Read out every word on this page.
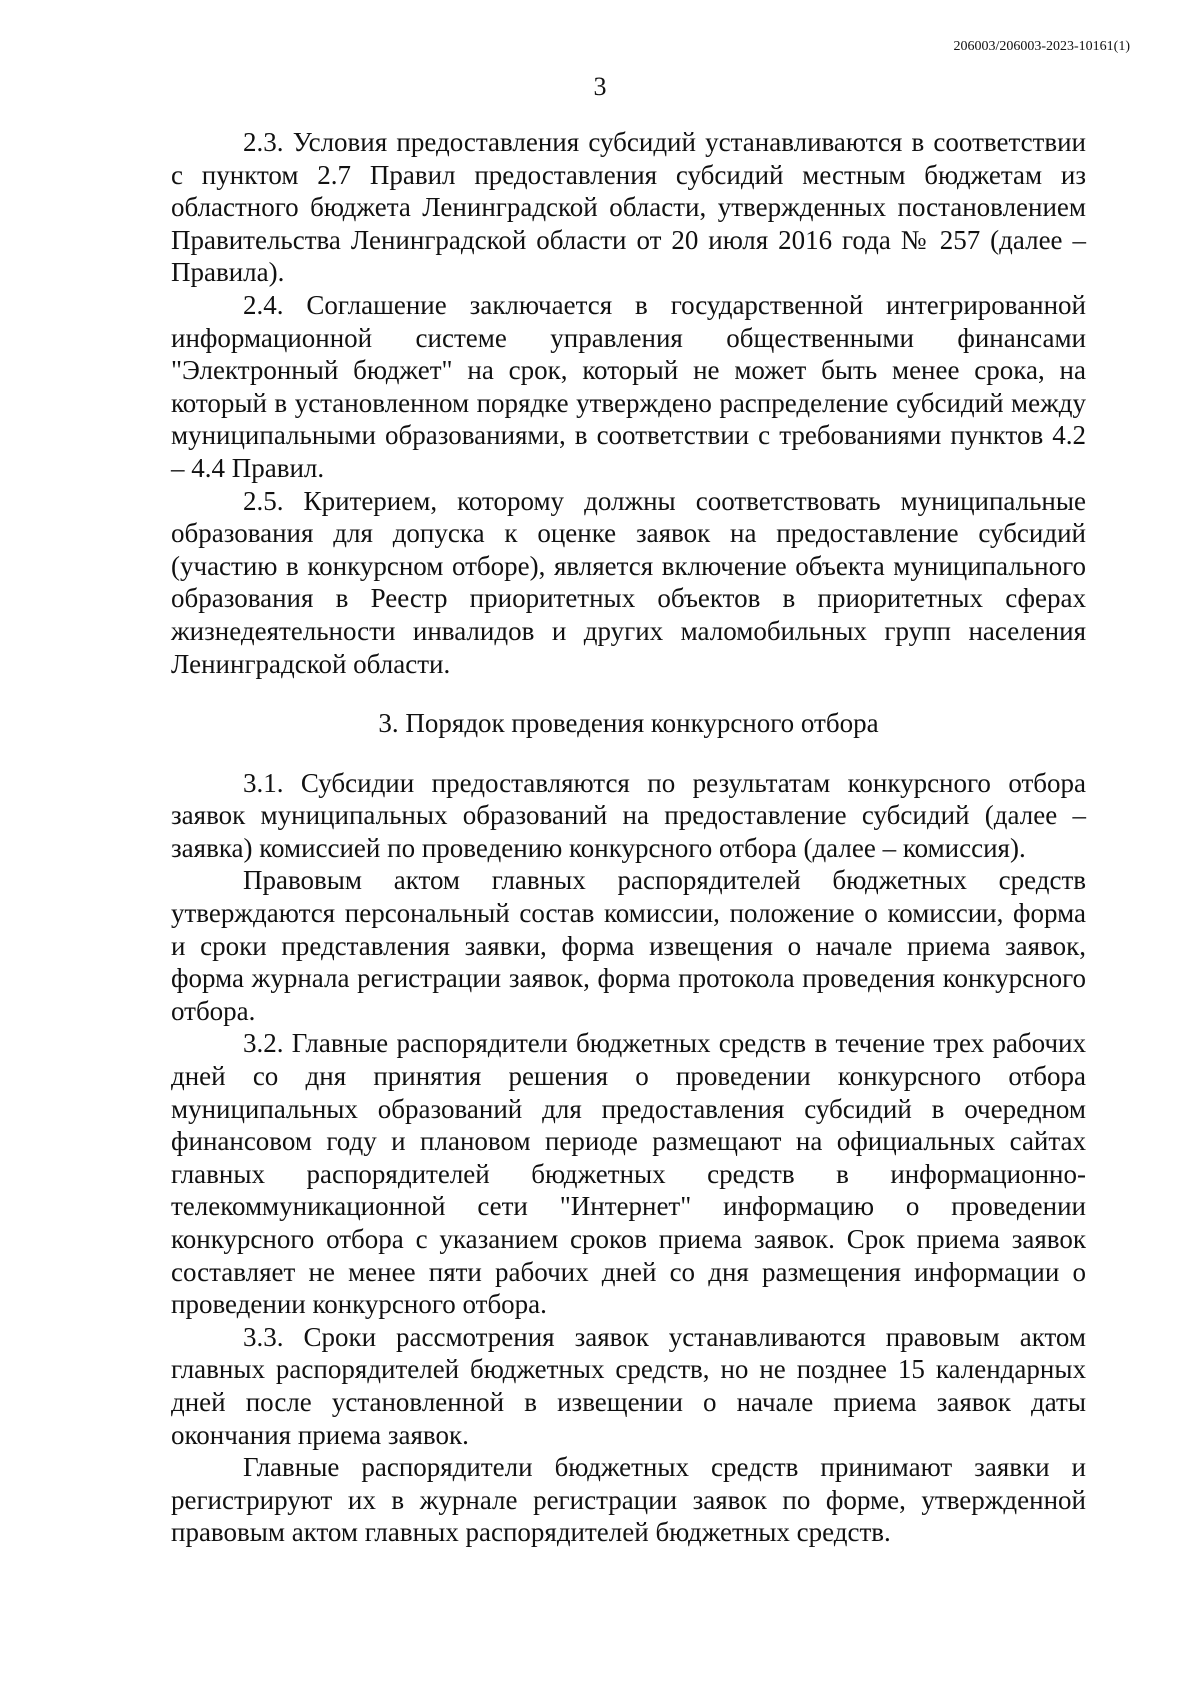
206003/206003-2023-10161(1)
3

2.3. Условия предоставления субсидий устанавливаются в соответствии с пунктом 2.7 Правил предоставления субсидий местным бюджетам из областного бюджета Ленинградской области, утвержденных постановлением Правительства Ленинградской области от 20 июля 2016 года № 257 (далее – Правила).

2.4. Соглашение заключается в государственной интегрированной информационной системе управления общественными финансами "Электронный бюджет" на срок, который не может быть менее срока, на который в установленном порядке утверждено распределение субсидий между муниципальными образованиями, в соответствии с требованиями пунктов 4.2 – 4.4 Правил.

2.5. Критерием, которому должны соответствовать муниципальные образования для допуска к оценке заявок на предоставление субсидий (участию в конкурсном отборе), является включение объекта муниципального образования в Реестр приоритетных объектов в приоритетных сферах жизнедеятельности инвалидов и других маломобильных групп населения Ленинградской области.

3. Порядок проведения конкурсного отбора

3.1. Субсидии предоставляются по результатам конкурсного отбора заявок муниципальных образований на предоставление субсидий (далее – заявка) комиссией по проведению конкурсного отбора (далее – комиссия).

Правовым актом главных распорядителей бюджетных средств утверждаются персональный состав комиссии, положение о комиссии, форма и сроки представления заявки, форма извещения о начале приема заявок, форма журнала регистрации заявок, форма протокола проведения конкурсного отбора.

3.2. Главные распорядители бюджетных средств в течение трех рабочих дней со дня принятия решения о проведении конкурсного отбора муниципальных образований для предоставления субсидий в очередном финансовом году и плановом периоде размещают на официальных сайтах главных распорядителей бюджетных средств в информационно-телекоммуникационной сети "Интернет" информацию о проведении конкурсного отбора с указанием сроков приема заявок. Срок приема заявок составляет не менее пяти рабочих дней со дня размещения информации о проведении конкурсного отбора.

3.3. Сроки рассмотрения заявок устанавливаются правовым актом главных распорядителей бюджетных средств, но не позднее 15 календарных дней после установленной в извещении о начале приема заявок даты окончания приема заявок.

Главные распорядители бюджетных средств принимают заявки и регистрируют их в журнале регистрации заявок по форме, утвержденной правовым актом главных распорядителей бюджетных средств.
